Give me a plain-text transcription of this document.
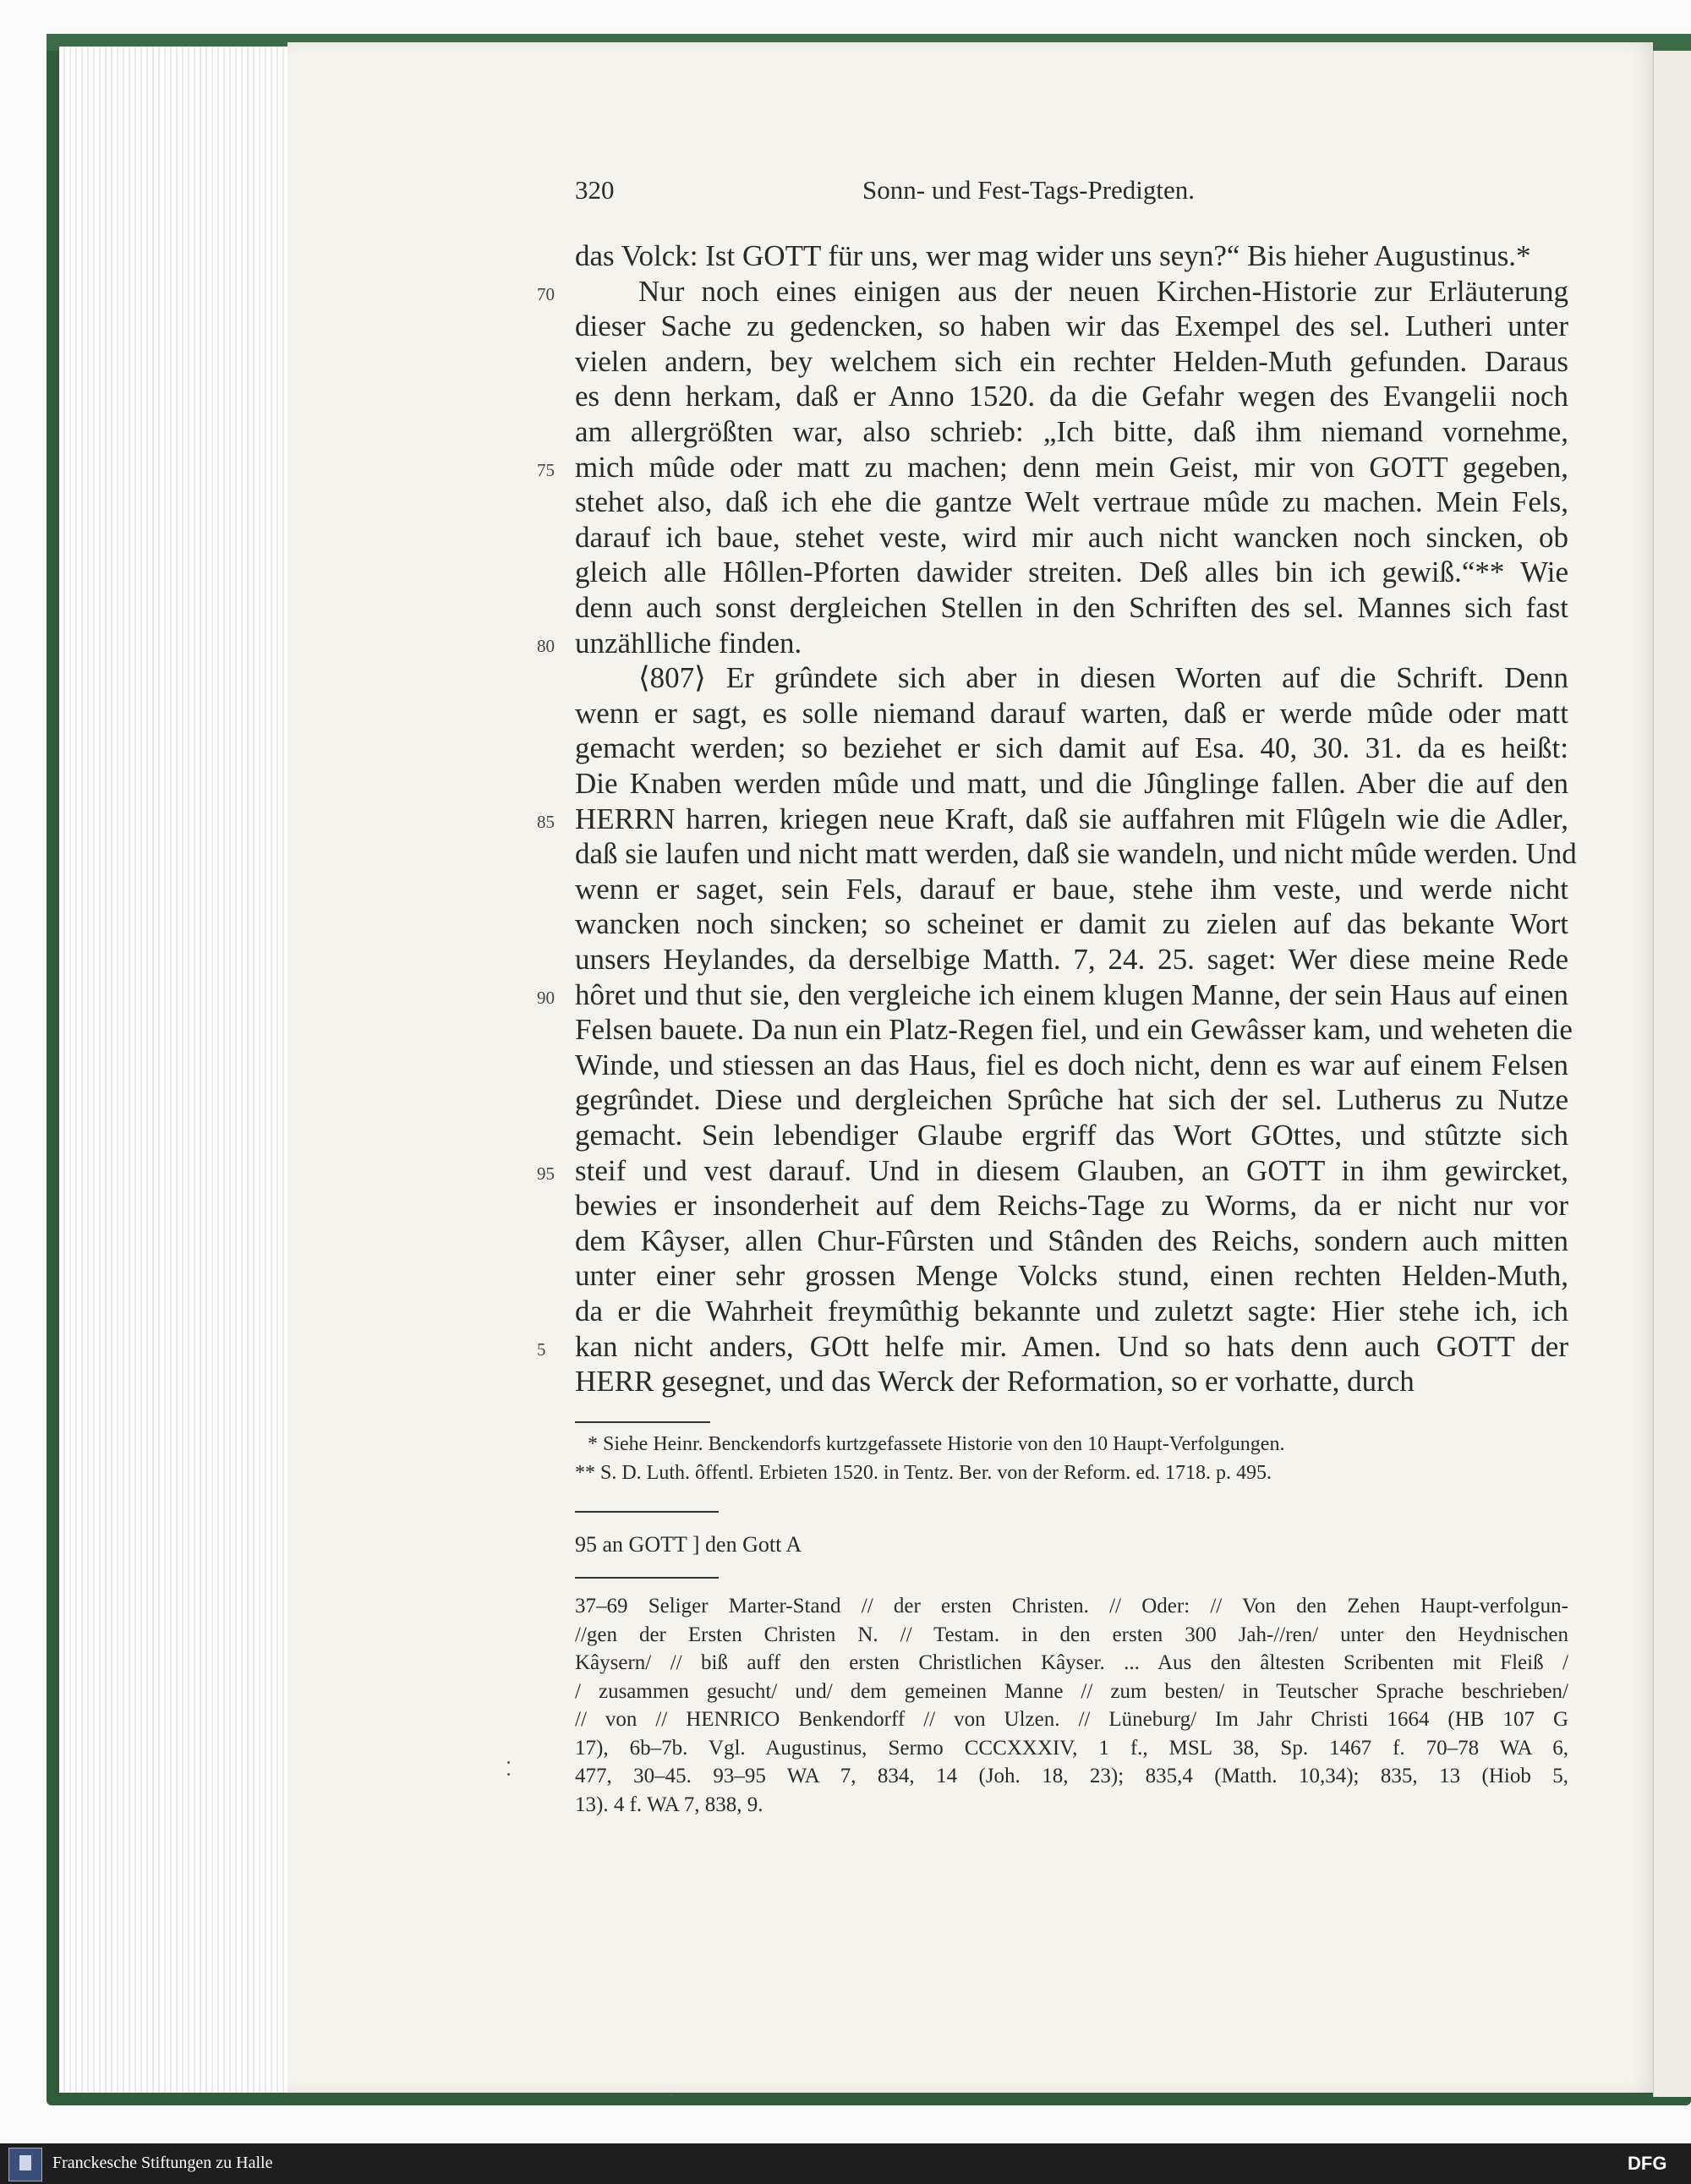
320	Sonn- und Fest-Tags-Predigten.
das Volck: Ist GOTT für uns, wer mag wider uns seyn?“ Bis hieher Augustinus.*
Nur noch eines einigen aus der neuen Kirchen-Historie zur Erläuterung
dieser Sache zu gedencken, so haben wir das Exempel des sel. Lutheri unter
vielen andern, bey welchem sich ein rechter Helden-Muth gefunden. Daraus
es denn herkam, daß er Anno 1520. da die Gefahr wegen des Evangelii noch
am allergrößten war, also schrieb: „Ich bitte, daß ihm niemand vornehme,
mich mûde oder matt zu machen; denn mein Geist, mir von GOTT gegeben,
stehet also, daß ich ehe die gantze Welt vertraue mûde zu machen. Mein Fels,
darauf ich baue, stehet veste, wird mir auch nicht wancken noch sincken, ob
gleich alle Hôllen-Pforten dawider streiten. Deß alles bin ich gewiß.“** Wie
denn auch sonst dergleichen Stellen in den Schriften des sel. Mannes sich fast
unzählliche finden.
⟨807⟩ Er grûndete sich aber in diesen Worten auf die Schrift. Denn
wenn er sagt, es solle niemand darauf warten, daß er werde mûde oder matt
gemacht werden; so beziehet er sich damit auf Esa. 40, 30. 31. da es heißt:
Die Knaben werden mûde und matt, und die Jûnglinge fallen. Aber die auf den
HERRN harren, kriegen neue Kraft, daß sie auffahren mit Flûgeln wie die Adler,
daß sie laufen und nicht matt werden, daß sie wandeln, und nicht mûde werden. Und
wenn er saget, sein Fels, darauf er baue, stehe ihm veste, und werde nicht
wancken noch sincken; so scheinet er damit zu zielen auf das bekante Wort
unsers Heylandes, da derselbige Matth. 7, 24. 25. saget: Wer diese meine Rede
hôret und thut sie, den vergleiche ich einem klugen Manne, der sein Haus auf einen
Felsen bauete. Da nun ein Platz-Regen fiel, und ein Gewâsser kam, und weheten die
Winde, und stiessen an das Haus, fiel es doch nicht, denn es war auf einem Felsen
gegrûndet. Diese und dergleichen Sprûche hat sich der sel. Lutherus zu Nutze
gemacht. Sein lebendiger Glaube ergriff das Wort GOttes, und stûtzte sich
steif und vest darauf. Und in diesem Glauben, an GOTT in ihm gewircket,
bewies er insonderheit auf dem Reichs-Tage zu Worms, da er nicht nur vor
dem Kâyser, allen Chur-Fûrsten und Stânden des Reichs, sondern auch mitten
unter einer sehr grossen Menge Volcks stund, einen rechten Helden-Muth,
da er die Wahrheit freymûthig bekannte und zuletzt sagte: Hier stehe ich, ich
kan nicht anders, GOtt helfe mir. Amen. Und so hats denn auch GOTT der
HERR gesegnet, und das Werck der Reformation, so er vorhatte, durch
70
75
80
85
90
95
5
* Siehe Heinr. Benckendorfs kurtzgefassete Historie von den 10 Haupt-Verfolgungen.
** S. D. Luth. ôffentl. Erbieten 1520. in Tentz. Ber. von der Reform. ed. 1718. p. 495.
95 an GOTT ] den Gott A
37–69 Seliger Marter-Stand // der ersten Christen. // Oder: // Von den Zehen Haupt-verfolgun-
//gen der Ersten Christen N. // Testam. in den ersten 300 Jah-//ren/ unter den Heydnischen
Kâysern/ // biß auff den ersten Christlichen Kâyser. ... Aus den âltesten Scribenten mit Fleiß /
/ zusammen gesucht/ und/ dem gemeinen Manne // zum besten/ in Teutscher Sprache beschrieben/
// von // HENRICO Benkendorff // von Ulzen. // Lüneburg/ Im Jahr Christi 1664 (HB 107 G
17), 6b–7b. Vgl. Augustinus, Sermo CCCXXXIV, 1 f., MSL 38, Sp. 1467 f. 70–78 WA 6,
477, 30–45. 93–95 WA 7, 834, 14 (Joh. 18, 23); 835,4 (Matth. 10,34); 835, 13 (Hiob 5,
13). 4 f. WA 7, 838, 9.
Franckesche Stiftungen zu Halle	DFG
